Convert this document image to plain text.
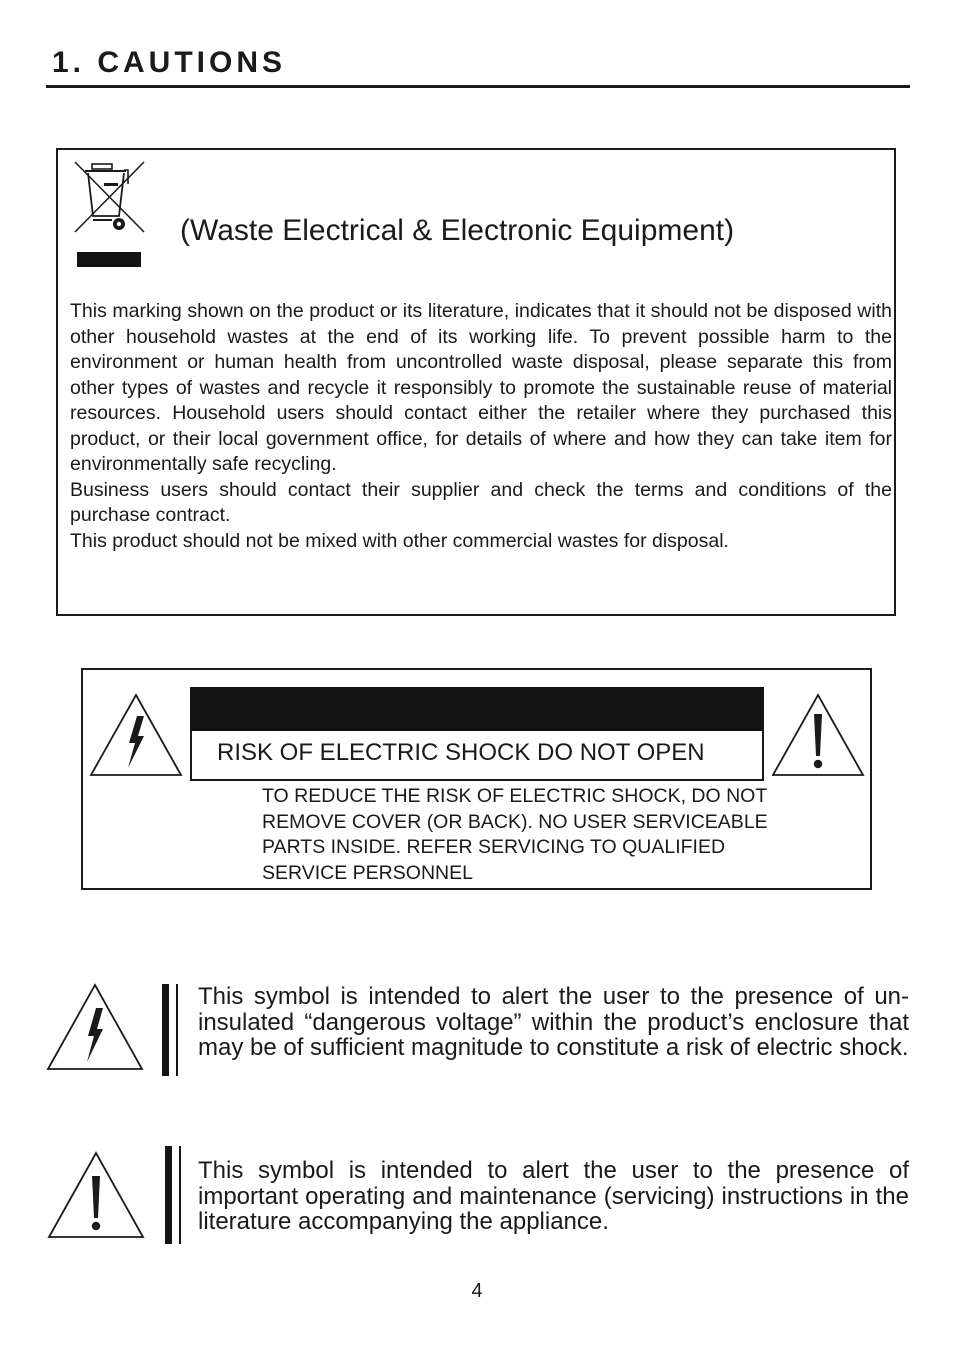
1. CAUTIONS
(Waste Electrical & Electronic Equipment)

This marking shown on the product or its literature, indicates that it should not be disposed with other household wastes at the end of its working life. To prevent possible harm to the environment or human health from uncontrolled waste disposal, please separate this from other types of wastes and recycle it responsibly to promote the sustainable reuse of material resources. Household users should contact either the retailer where they purchased this product, or their local government office, for details of where and how they can take item for environmentally safe recycling.

Business users should contact their supplier and check the terms and conditions of the purchase contract.

This product should not be mixed with other commercial wastes for disposal.

RISK OF ELECTRIC SHOCK DO NOT OPEN
TO REDUCE THE RISK OF ELECTRIC SHOCK, DO NOT
REMOVE COVER (OR BACK). NO USER SERVICEABLE
PARTS INSIDE. REFER SERVICING TO QUALIFIED
SERVICE PERSONNEL
This symbol is intended to alert the user to the presence of un-insulated “dangerous voltage” within the product’s enclosure that may be of sufficient magnitude to constitute a risk of electric shock.
This symbol is intended to alert the user to the presence of important operating and maintenance (servicing) instructions in the literature accompanying the appliance.
4
